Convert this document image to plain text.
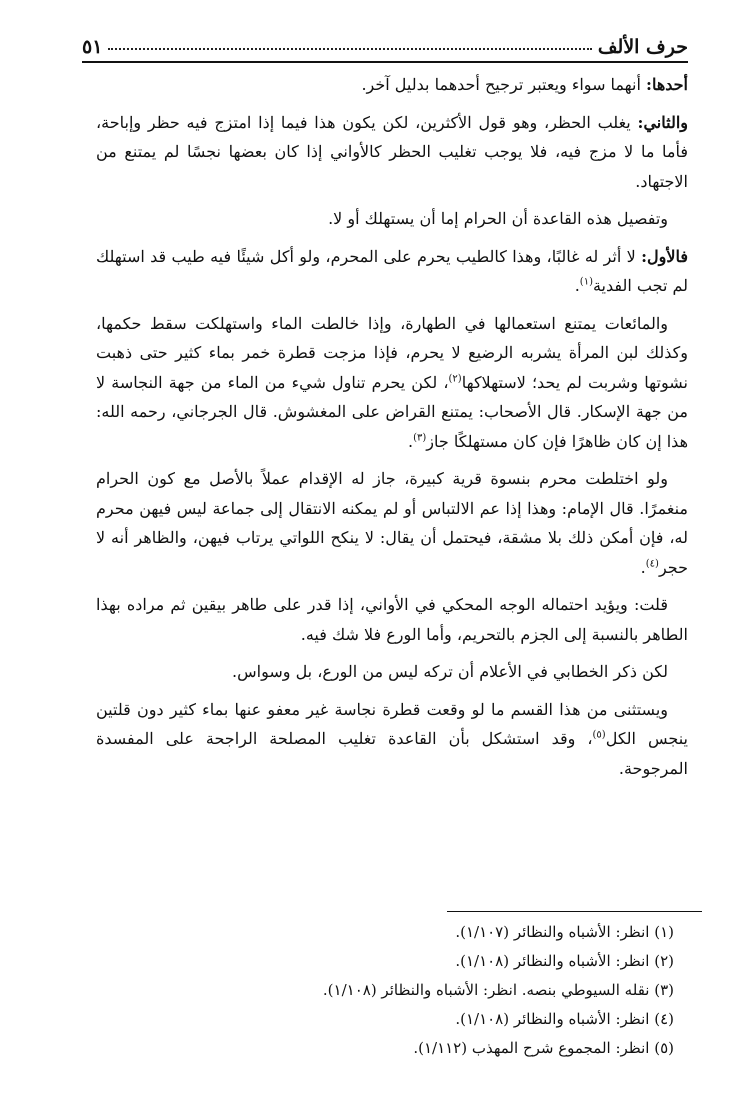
حرف الألف
٥١

أحدها: أنهما سواء ويعتبر ترجيح أحدهما بدليل آخر.

والثاني: يغلب الحظر، وهو قول الأكثرين، لكن يكون هذا فيما إذا امتزج فيه حظر وإباحة، فأما ما لا مزج فيه، فلا يوجب تغليب الحظر كالأواني إذا كان بعضها نجسًا لم يمتنع من الاجتهاد.

وتفصيل هذه القاعدة أن الحرام إما أن يستهلك أو لا.

فالأول: لا أثر له غالبًا، وهذا كالطيب يحرم على المحرم، ولو أكل شيئًا فيه طيب قد استهلك لم تجب الفدية$^{(١)}$.

والمائعات يمتنع استعمالها في الطهارة، وإذا خالطت الماء واستهلكت سقط حكمها، وكذلك لبن المرأة يشربه الرضيع لا يحرم، فإذا مزجت قطرة خمر بماء كثير حتى ذهبت نشوتها وشربت لم يحد؛ لاستهلاكها$^{(٢)}$، لكن يحرم تناول شيء من الماء من جهة النجاسة لا من جهة الإسكار. قال الأصحاب: يمتنع القراض على المغشوش. قال الجرجاني، رحمه الله: هذا إن كان ظاهرًا فإن كان مستهلكًا جاز$^{(٣)}$.

ولو اختلطت محرم بنسوة قرية كبيرة، جاز له الإقدام عملاً بالأصل مع كون الحرام منغمرًا. قال الإمام: وهذا إذا عم الالتباس أو لم يمكنه الانتقال إلى جماعة ليس فيهن محرم له، فإن أمكن ذلك بلا مشقة، فيحتمل أن يقال: لا ينكح اللواتي يرتاب فيهن، والظاهر أنه لا حجر$^{(٤)}$.

قلت: ويؤيد احتماله الوجه المحكي في الأواني، إذا قدر على طاهر بيقين ثم مراده بهذا الطاهر بالنسبة إلى الجزم بالتحريم، وأما الورع فلا شك فيه.

لكن ذكر الخطابي في الأعلام أن تركه ليس من الورع، بل وسواس.

ويستثنى من هذا القسم ما لو وقعت قطرة نجاسة غير معفو عنها بماء كثير دون قلتين ينجس الكل$^{(٥)}$، وقد استشكل بأن القاعدة تغليب المصلحة الراجحة على المفسدة المرجوحة.

(١) انظر: الأشباه والنظائر (١/١٠٧).
(٢) انظر: الأشباه والنظائر (١/١٠٨).
(٣) نقله السيوطي بنصه. انظر: الأشباه والنظائر (١/١٠٨).
(٤) انظر: الأشباه والنظائر (١/١٠٨).
(٥) انظر: المجموع شرح المهذب (١/١١٢).
